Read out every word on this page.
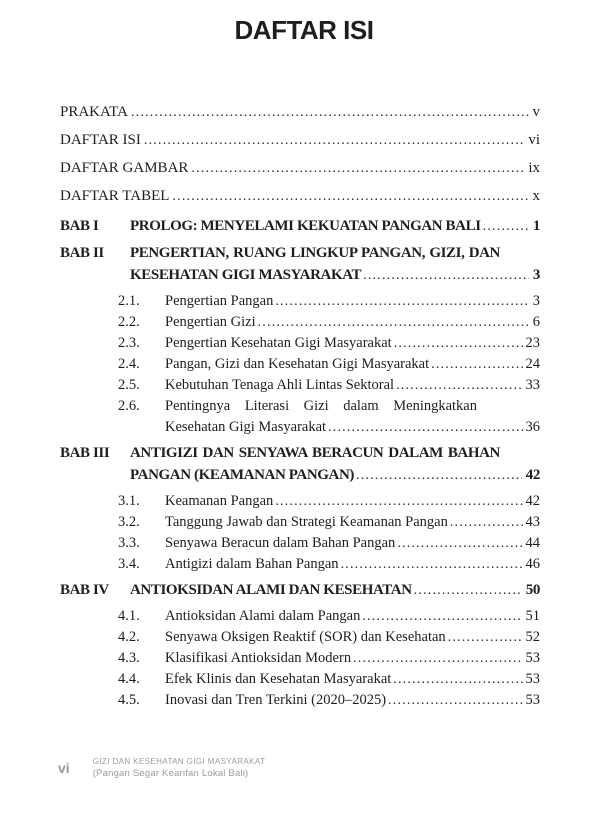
DAFTAR ISI
PRAKATA .....	v
DAFTAR ISI .....	vi
DAFTAR GAMBAR .....	ix
DAFTAR TABEL .....	x
BAB I	PROLOG: MENYELAMI KEKUATAN PANGAN BALI .....	1
BAB II	PENGERTIAN, RUANG LINGKUP PANGAN, GIZI, DAN
KESEHATAN GIGI MASYARAKAT .....	3
2.1.	Pengertian Pangan .....	3
2.2.	Pengertian Gizi .....	6
2.3.	Pengertian Kesehatan Gigi Masyarakat .....	23
2.4.	Pangan, Gizi dan Kesehatan Gigi Masyarakat .....	24
2.5.	Kebutuhan Tenaga Ahli Lintas Sektoral .....	33
2.6.	Pentingnya Literasi Gizi dalam Meningkatkan
Kesehatan Gigi Masyarakat .....	36
BAB III	ANTIGIZI DAN SENYAWA BERACUN DALAM BAHAN
PANGAN (KEAMANAN PANGAN) .....	42
3.1.	Keamanan Pangan .....	42
3.2.	Tanggung Jawab dan Strategi Keamanan Pangan .....	43
3.3.	Senyawa Beracun dalam Bahan Pangan .....	44
3.4.	Antigizi dalam Bahan Pangan .....	46
BAB IV	ANTIOKSIDAN ALAMI DAN KESEHATAN .....	50
4.1.	Antioksidan Alami dalam Pangan .....	51
4.2.	Senyawa Oksigen Reaktif (SOR) dan Kesehatan .....	52
4.3.	Klasifikasi Antioksidan Modern .....	53
4.4.	Efek Klinis dan Kesehatan Masyarakat .....	53
4.5.	Inovasi dan Tren Terkini (2020–2025) .....	53
vi	GIZI DAN KESEHATAN GIGI MASYARAKAT
(Pangan Segar Kearifan Lokal Bali)
